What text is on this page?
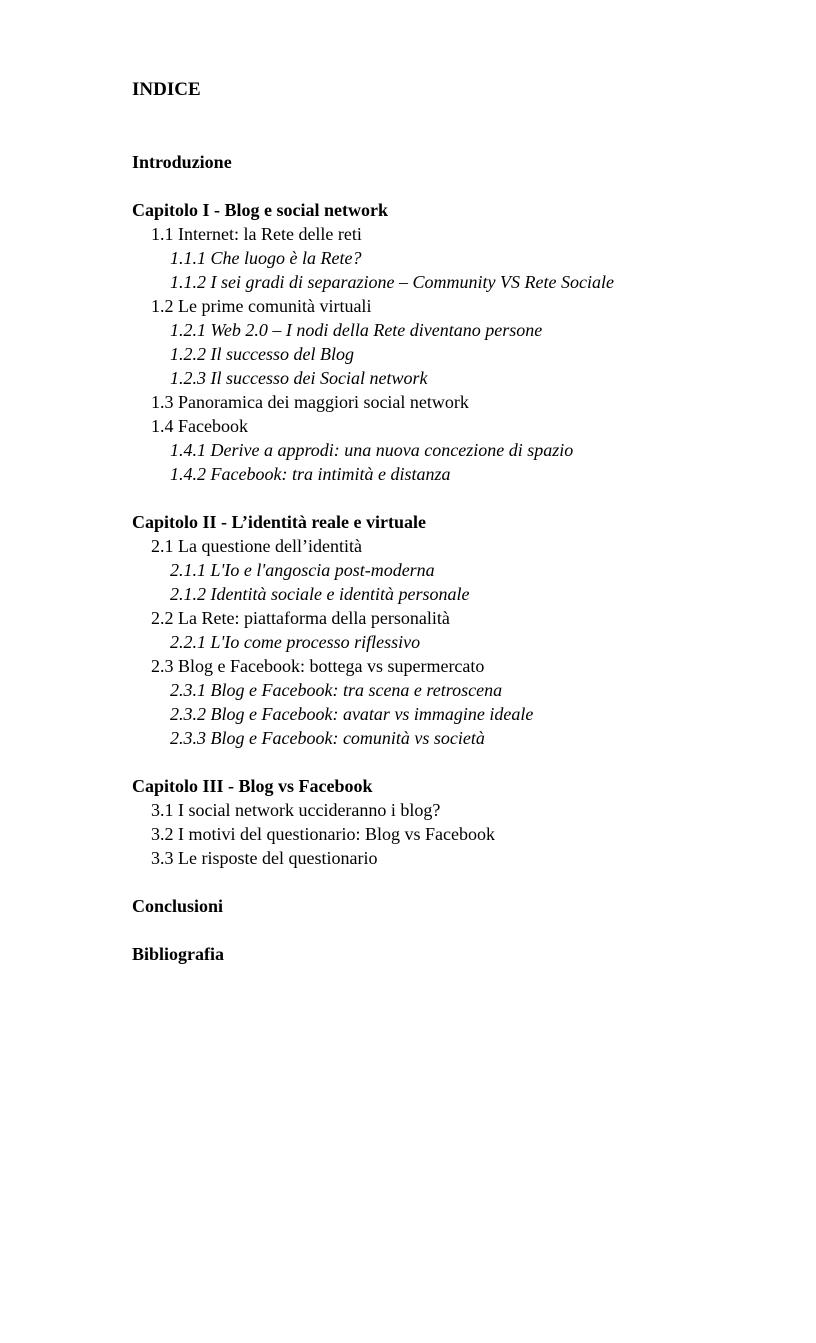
INDICE
Introduzione
Capitolo I - Blog e social network
1.1 Internet: la Rete delle reti
1.1.1 Che luogo è la Rete?
1.1.2 I sei gradi di separazione – Community VS Rete Sociale
1.2 Le prime comunità virtuali
1.2.1 Web 2.0 – I nodi della Rete diventano persone
1.2.2 Il successo del Blog
1.2.3 Il successo dei Social network
1.3 Panoramica dei maggiori social network
1.4 Facebook
1.4.1 Derive a approdi: una nuova concezione di spazio
1.4.2 Facebook: tra intimità e distanza
Capitolo II - L’identità reale e virtuale
2.1 La questione dell’identità
2.1.1 L'Io e l'angoscia post-moderna
2.1.2 Identità sociale e identità personale
2.2 La Rete: piattaforma della personalità
2.2.1 L'Io come processo riflessivo
2.3 Blog e Facebook: bottega vs supermercato
2.3.1 Blog e Facebook: tra scena e retroscena
2.3.2 Blog e Facebook: avatar vs immagine ideale
2.3.3 Blog e Facebook: comunità vs società
Capitolo III - Blog vs Facebook
3.1 I social network uccideranno i blog?
3.2 I motivi del questionario: Blog vs Facebook
3.3 Le risposte del questionario
Conclusioni
Bibliografia
